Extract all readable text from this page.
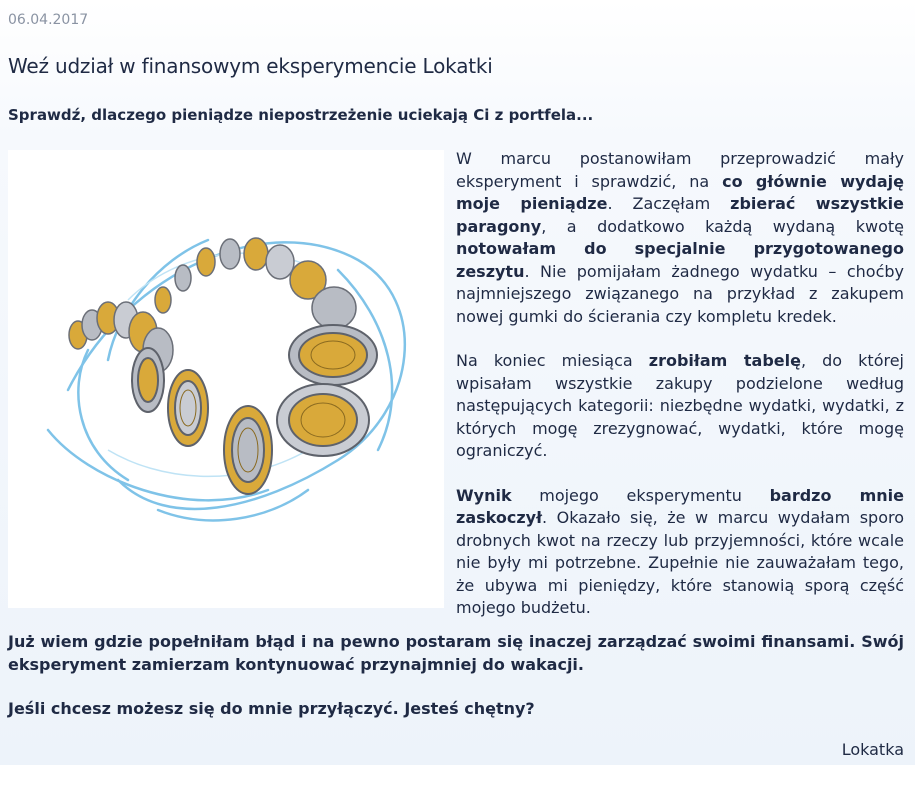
06.04.2017
Weź udział w finansowym eksperymencie Lokatki
Sprawdź, dlaczego pieniądze niepostrzeżenie uciekają Ci z portfela...

W marcu postanowiłam przeprowadzić mały eksperyment i sprawdzić, na co głównie wydaję moje pieniądze. Zaczęłam zbierać wszystkie paragony, a dodatkowo każdą wydaną kwotę notowałam do specjalnie przygotowanego zeszytu. Nie pomijałam żadnego wydatku – choćby najmniejszego związanego na przykład z zakupem nowej gumki do ścierania czy kompletu kredek.

Na koniec miesiąca zrobiłam tabelę, do której wpisałam wszystkie zakupy podzielone według następujących kategorii: niezbędne wydatki, wydatki, z których mogę zrezygnować, wydatki, które mogę ograniczyć.

Wynik mojego eksperymentu bardzo mnie zaskoczył. Okazało się, że w marcu wydałam sporo drobnych kwot na rzeczy lub przyjemności, które wcale nie były mi potrzebne. Zupełnie nie zauważałam tego, że ubywa mi pieniędzy, które stanowią sporą część mojego budżetu.

Już wiem gdzie popełniłam błąd i na pewno postaram się inaczej zarządzać swoimi finansami. Swój eksperyment zamierzam kontynuować przynajmniej do wakacji.

Jeśli chcesz możesz się do mnie przyłączyć. Jesteś chętny?

Lokatka
